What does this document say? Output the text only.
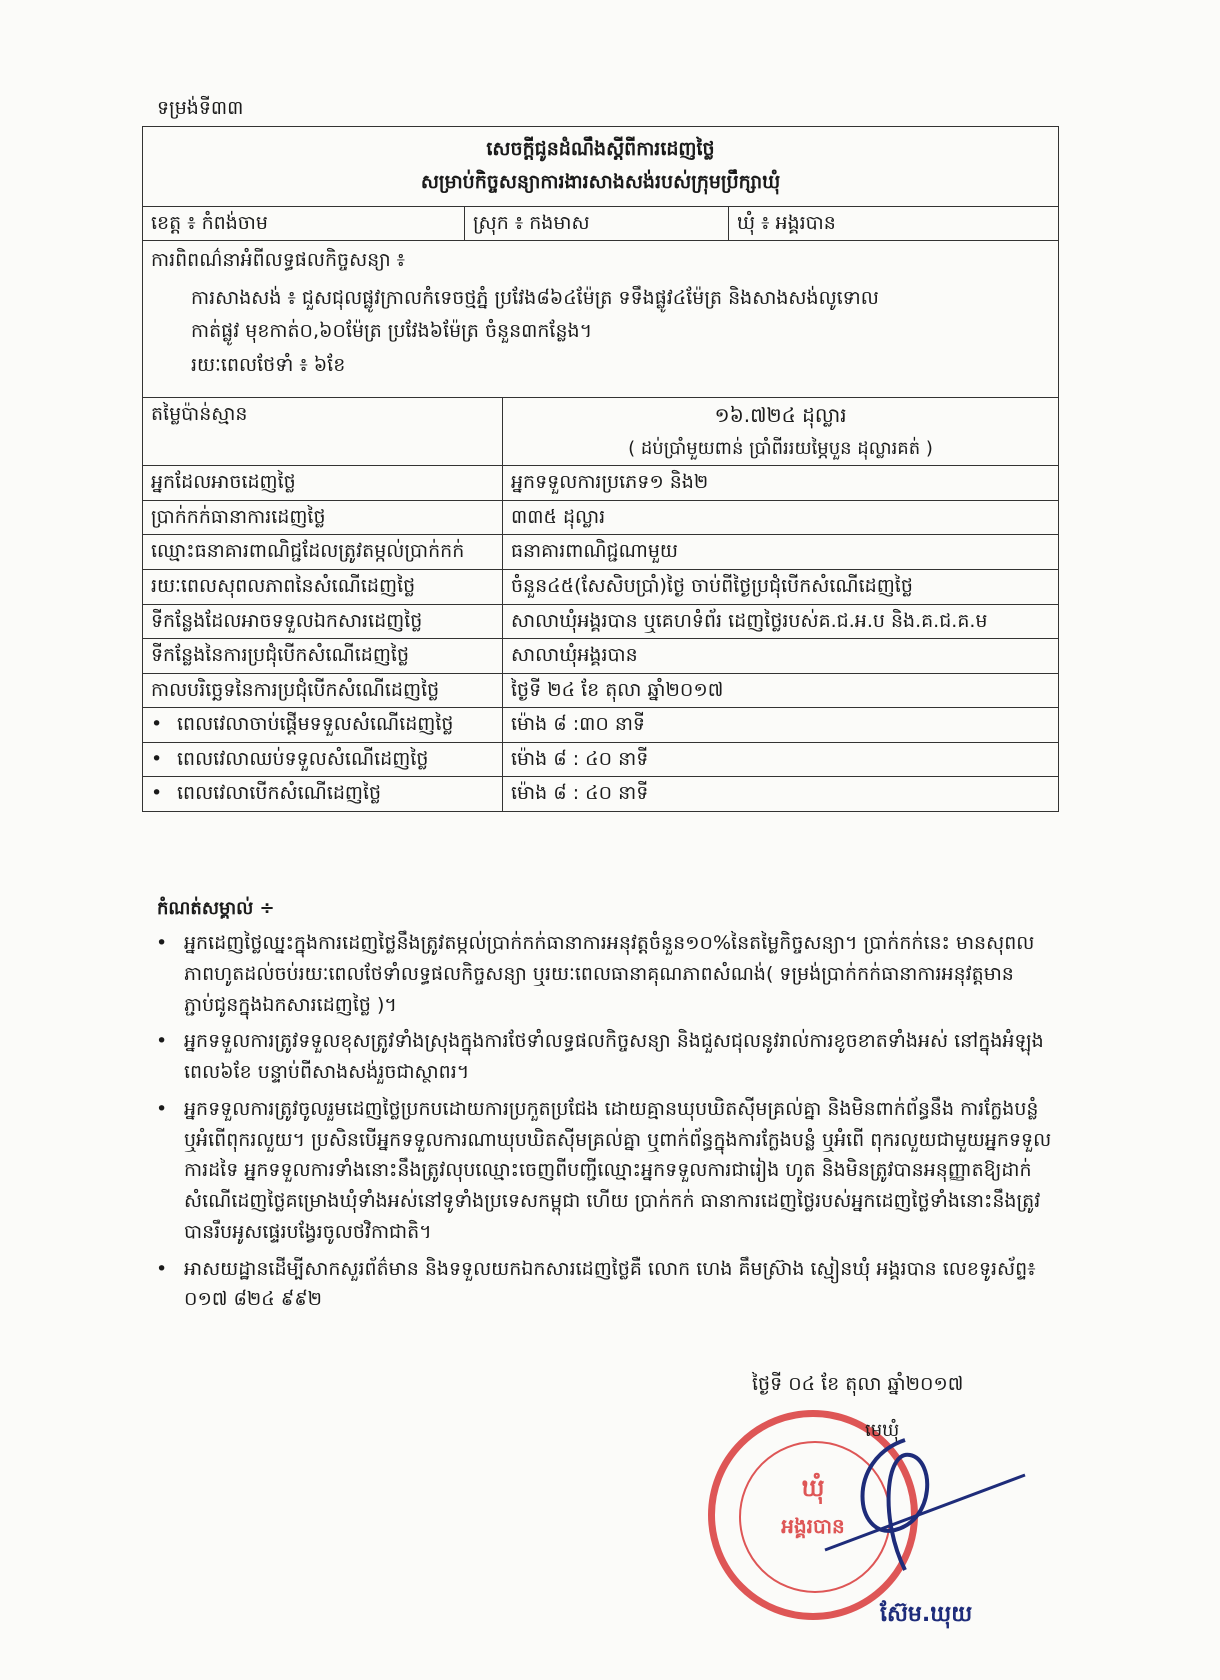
ទម្រង់ទី៣៣
សេចក្ដីជូនដំណឹងស្ដីពីការដេញថ្លៃ
សម្រាប់កិច្ចសន្យាការងារសាងសង់របស់ក្រុមប្រឹក្សាឃុំ			

ខេត្ត ៖ កំពង់ចាម	ស្រុក ៖ កងមាស		ឃុំ ៖ អង្គរបាន

ការពិពណ៌នាអំពីលទ្ធផលកិច្ចសន្យា ៖
ការសាងសង់ ៖ ជួសជុលផ្លូវក្រាលកំទេចថ្មភ្នំ ប្រវែង៨៦៤ម៉ែត្រ ទទឹងផ្លូវ៤ម៉ែត្រ និងសាងសង់លូទោល
កាត់ផ្លូវ មុខកាត់០,៦០ម៉ែត្រ ប្រវែង៦ម៉ែត្រ ចំនួន៣កន្លែង។
រយៈពេលថែទាំ ៖ ៦ខែ			

តម្លៃប៉ាន់ស្មាន		១៦.៧២៤ ដុល្លារ
( ដប់ប្រាំមួយពាន់ ប្រាំពីររយម្ភៃបួន ដុល្លារគត់ )	

អ្នកដែលអាចដេញថ្លៃ		អ្នកទទួលការប្រភេទ១ និង២	
ប្រាក់កក់ធានាការដេញថ្លៃ		៣៣៥ ដុល្លារ	
ឈ្មោះធនាគារពាណិជ្ជដែលត្រូវតម្កល់ប្រាក់កក់		ធនាគារពាណិជ្ជណាមួយ	
រយៈពេលសុពលភាពនៃសំណើដេញថ្លៃ		ចំនួន៤៥(សែសិបប្រាំ)ថ្ងៃ ចាប់ពីថ្ងៃប្រជុំបើកសំណើដេញថ្លៃ	
ទីកន្លែងដែលអាចទទួលឯកសារដេញថ្លៃ		សាលាឃុំអង្គរបាន ឬគេហទំព័រ ដេញថ្លៃរបស់គ.ជ.អ.ប និង.គ.ជ.គ.ម	
ទីកន្លែងនៃការប្រជុំបើកសំណើដេញថ្លៃ		សាលាឃុំអង្គរបាន	
កាលបរិច្ឆេទនៃការប្រជុំបើកសំណើដេញថ្លៃ		ថ្ងៃទី ២៤ ខែ តុលា ឆ្នាំ២០១៧	
• ពេលវេលាចាប់ផ្ដើមទទួលសំណើដេញថ្លៃ		ម៉ោង ៨ :៣០ នាទី	
• ពេលវេលាឈប់ទទួលសំណើដេញថ្លៃ		ម៉ោង ៨ : ៤០ នាទី	
• ពេលវេលាបើកសំណើដេញថ្លៃ		ម៉ោង ៨ : ៤០ នាទី	
កំណត់សម្គាល់ ÷
• អ្នកដេញថ្លៃឈ្នះក្នុងការដេញថ្លៃនឹងត្រូវតម្កល់ប្រាក់កក់ធានាការអនុវត្តចំនួន១០%នៃតម្លៃកិច្ចសន្យា។ ប្រាក់កក់នេះ មានសុពលភាពហូតដល់ចប់រយៈពេលថែទាំលទ្ធផលកិច្ចសន្យា ឬរយៈពេលធានាគុណភាពសំណង់( ទម្រង់ប្រាក់កក់ធានាការអនុវត្តមានភ្ជាប់ជូនក្នុងឯកសារដេញថ្លៃ )។
• អ្នកទទួលការត្រូវទទួលខុសត្រូវទាំងស្រុងក្នុងការថែទាំលទ្ធផលកិច្ចសន្យា និងជួសជុលនូវរាល់ការខូចខាតទាំងអស់ នៅក្នុងអំឡុងពេល៦ខែ បន្ទាប់ពីសាងសង់រួចជាស្ថាពរ។
• អ្នកទទួលការត្រូវចូលរួមដេញថ្លៃប្រកបដោយការប្រកួតប្រជែង ដោយគ្មានឃុបឃិតស៊ីមគ្រល់គ្នា និងមិនពាក់ព័ន្ធនឹង ការក្លែងបន្លំ ឬអំពើពុករលួយ។ ប្រសិនបើអ្នកទទួលការណាឃុបឃិតស៊ីមគ្រល់គ្នា ឬពាក់ព័ន្ធក្នុងការក្លែងបន្លំ ឬអំពើ ពុករលួយជាមួយអ្នកទទួលការដទៃ អ្នកទទួលការទាំងនោះនឹងត្រូវលុបឈ្មោះចេញពីបញ្ជីឈ្មោះអ្នកទទួលការជារៀង ហូត និងមិនត្រូវបានអនុញ្ញាតឱ្យដាក់សំណើដេញថ្លៃគម្រោងឃុំទាំងអស់នៅទូទាំងប្រទេសកម្ពុជា ហើយ ប្រាក់កក់ ធានាការដេញថ្លៃរបស់អ្នកដេញថ្លៃទាំងនោះនឹងត្រូវបានរឹបអូសផ្ទេរបង្វែរចូលថវិកាជាតិ។
• អាសយដ្ឋានដើម្បីសាកសួរព័ត៌មាន និងទទួលយកឯកសារដេញថ្លៃគឺ លោក ហេង គឹមស្រ៊ាង ស្មៀនឃុំ អង្គរបាន លេខទូរស័ព្ទ៖ ០១៧ ៨២៤ ៩៩២
ថ្ងៃទី ០៤ ខែ តុលា ឆ្នាំ២០១៧
ឃុំ
អង្គរបាន
មេឃុំ
ស៊ែម.ឃុយ
